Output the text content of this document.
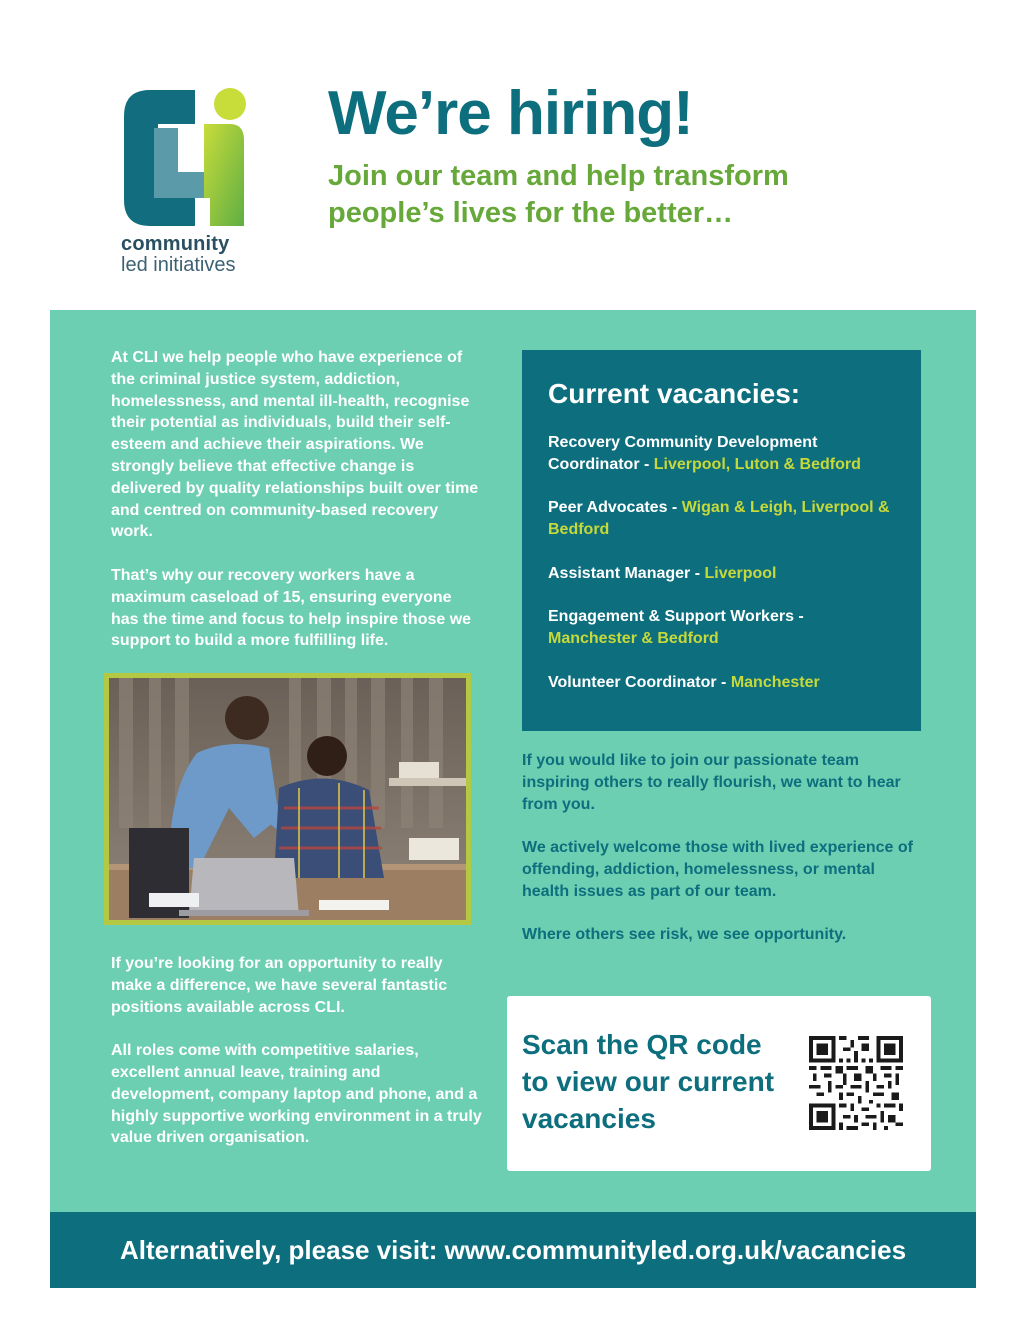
community
led initiatives
We’re hiring!
Join our team and help transform people’s lives for the better…

At CLI we help people who have experience of the criminal justice system, addiction, homelessness, and mental ill-health, recognise their potential as individuals, build their self-esteem and achieve their aspirations. We strongly believe that effective change is delivered by quality relationships built over time and centred on community-based recovery work.

That’s why our recovery workers have a maximum caseload of 15, ensuring everyone has the time and focus to help inspire those we support to build a more fulfilling life.

If you’re looking for an opportunity to really make a difference, we have several fantastic positions available across CLI.

All roles come with competitive salaries, excellent annual leave, training and development, company laptop and phone, and a highly supportive working environment in a truly value driven organisation.

Current vacancies:
Recovery Community Development Coordinator - Liverpool, Luton & Bedford
Peer Advocates - Wigan & Leigh, Liverpool & Bedford
Assistant Manager - Liverpool
Engagement & Support Workers - Manchester & Bedford
Volunteer Coordinator - Manchester

If you would like to join our passionate team inspiring others to really flourish, we want to hear from you.

We actively welcome those with lived experience of offending, addiction, homelessness, or mental health issues as part of our team.

Where others see risk, we see opportunity.

Scan the QR code to view our current vacancies

Alternatively, please visit: www.communityled.org.uk/vacancies
